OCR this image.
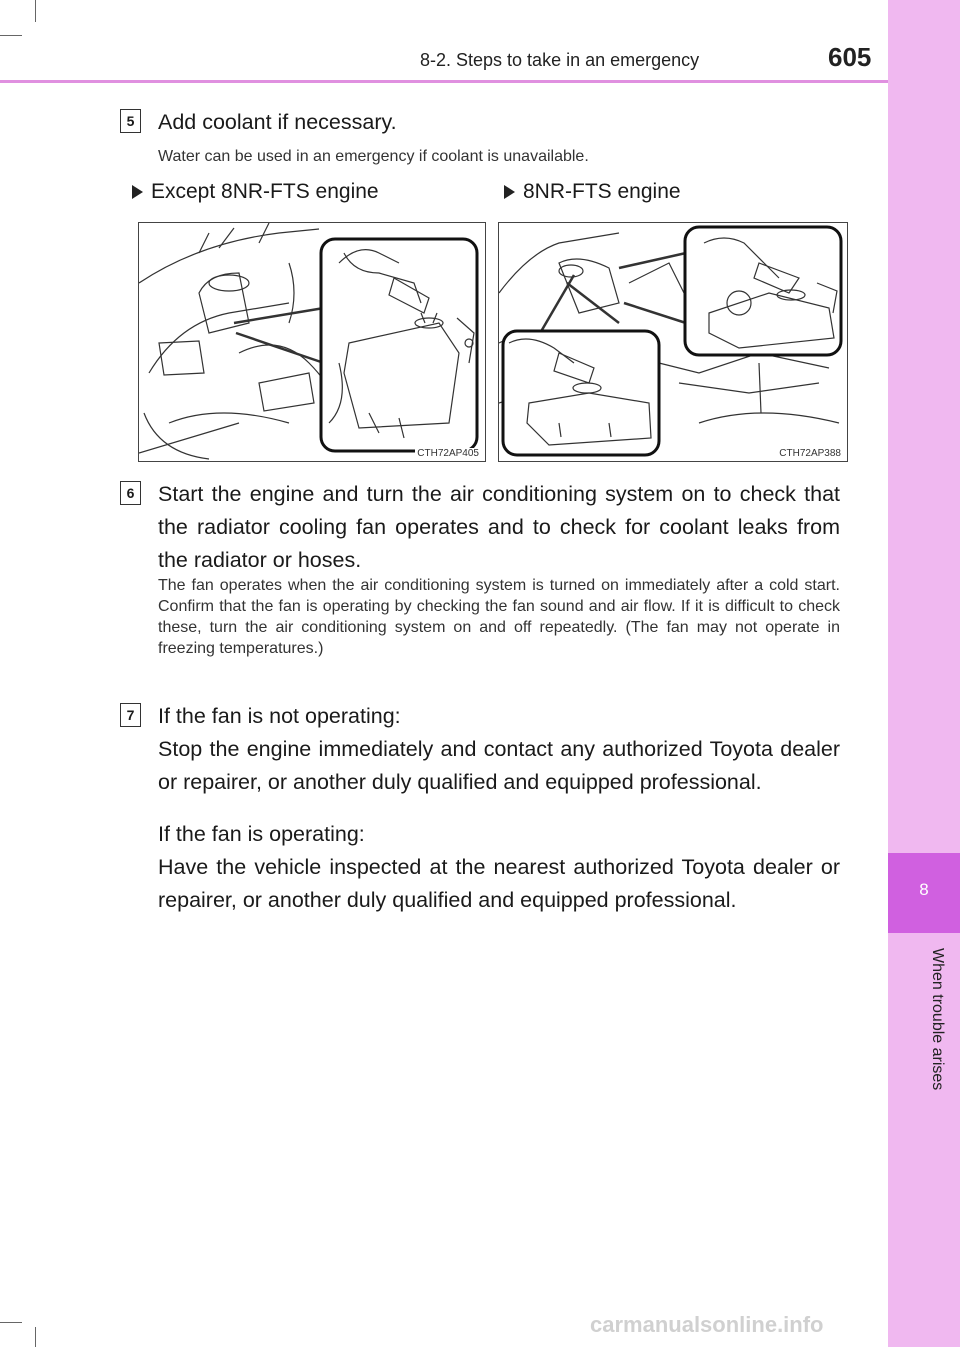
8
When trouble arises
8-2. Steps to take in an emergency	605
5	Add coolant if necessary.
Water can be used in an emergency if coolant is unavailable.
Except 8NR-FTS engine	8NR-FTS engine
CTH72AP405	CTH72AP388
6	Start the engine and turn the air conditioning system on to check that the radiator cooling fan operates and to check for coolant leaks from the radiator or hoses.
The fan operates when the air conditioning system is turned on immediately after a cold start. Confirm that the fan is operating by checking the fan sound and air flow. If it is difficult to check these, turn the air conditioning system on and off repeatedly. (The fan may not operate in freezing temperatures.)
7	If the fan is not operating:
Stop the engine immediately and contact any authorized Toyota dealer or repairer, or another duly qualified and equipped professional.
If the fan is operating:
Have the vehicle inspected at the nearest authorized Toyota dealer or repairer, or another duly qualified and equipped professional.
carmanualsonline.info
